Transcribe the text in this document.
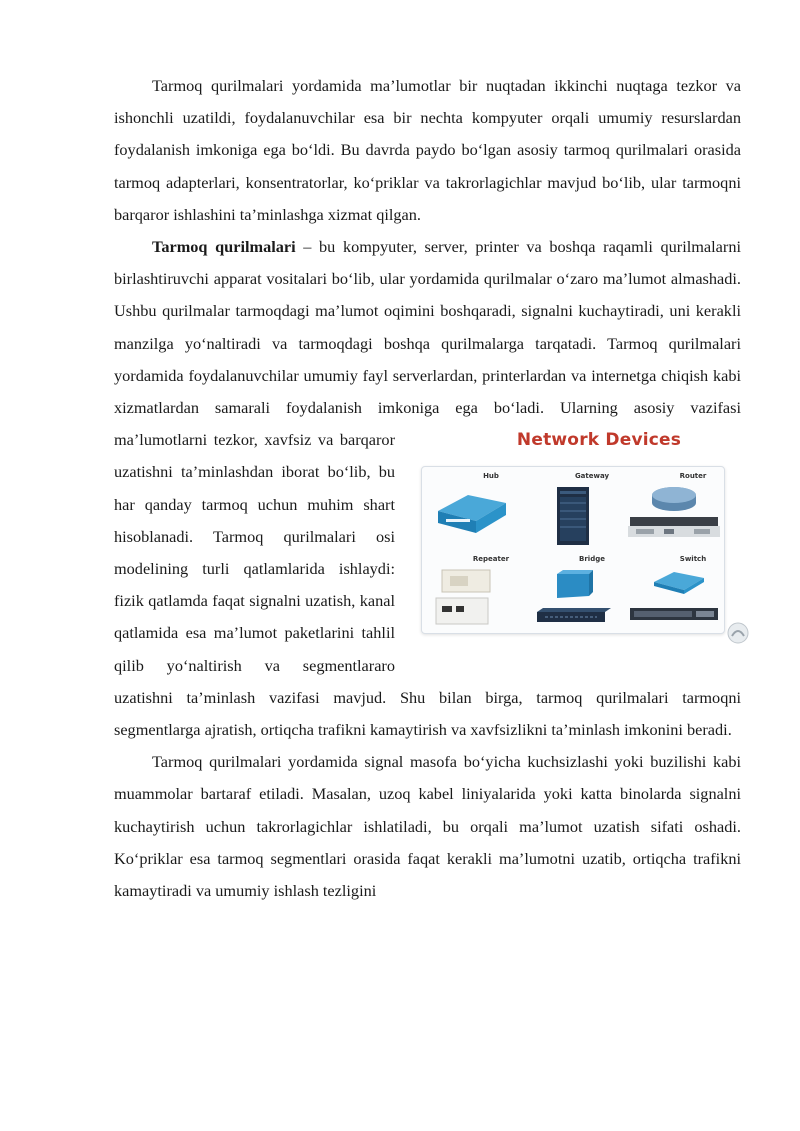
Tarmoq qurilmalari yordamida ma’lumotlar bir nuqtadan ikkinchi nuqtaga tezkor va ishonchli uzatildi, foydalanuvchilar esa bir nechta kompyuter orqali umumiy resurslardan foydalanish imkoniga ega bo‘ldi. Bu davrda paydo bo‘lgan asosiy tarmoq qurilmalari orasida tarmoq adapterlari, konsentratorlar, ko‘priklar va takrorlagichlar mavjud bo‘lib, ular tarmoqni barqaror ishlashini ta’minlashga xizmat qilgan.

Tarmoq qurilmalari – bu kompyuter, server, printer va boshqa raqamli qurilmalarni birlashtiruvchi apparat vositalari bo‘lib, ular yordamida qurilmalar o‘zaro ma’lumot almashadi. Ushbu qurilmalar tarmoqdagi ma’lumot oqimini boshqaradi, signalni kuchaytiradi, uni kerakli manzilga yo‘naltiradi va tarmoqdagi boshqa qurilmalarga tarqatadi. Tarmoq qurilmalari yordamida foydalanuvchilar umumiy fayl serverlardan, printerlardan va internetga chiqish kabi xizmatlardan samarali foydalanish imkoniga ega bo‘ladi. Ularning asosiy vazifasi ma’lumotlarni	Network Devices
Hub	Gateway	Router
Repeater	Bridge	Switch
tezkor, xavfsiz va barqaror uzatishni ta’minlashdan iborat bo‘lib, bu har qanday tarmoq uchun muhim shart hisoblanadi. Tarmoq qurilmalari osi modelining turli qatlamlarida ishlaydi: fizik qatlamda faqat signalni uzatish, kanal qatlamida esa ma’lumot paketlarini tahlil qilib yo‘naltirish va segmentlararo uzatishni ta’minlash vazifasi mavjud. Shu bilan birga, tarmoq qurilmalari tarmoqni segmentlarga ajratish, ortiqcha trafikni kamaytirish va xavfsizlikni ta’minlash imkonini beradi.

Tarmoq qurilmalari yordamida signal masofa bo‘yicha kuchsizlashi yoki buzilishi kabi muammolar bartaraf etiladi. Masalan, uzoq kabel liniyalarida yoki katta binolarda signalni kuchaytirish uchun takrorlagichlar ishlatiladi, bu orqali ma’lumot uzatish sifati oshadi. Ko‘priklar esa tarmoq segmentlari orasida faqat kerakli ma’lumotni uzatib, ortiqcha trafikni kamaytiradi va umumiy ishlash tezligini
